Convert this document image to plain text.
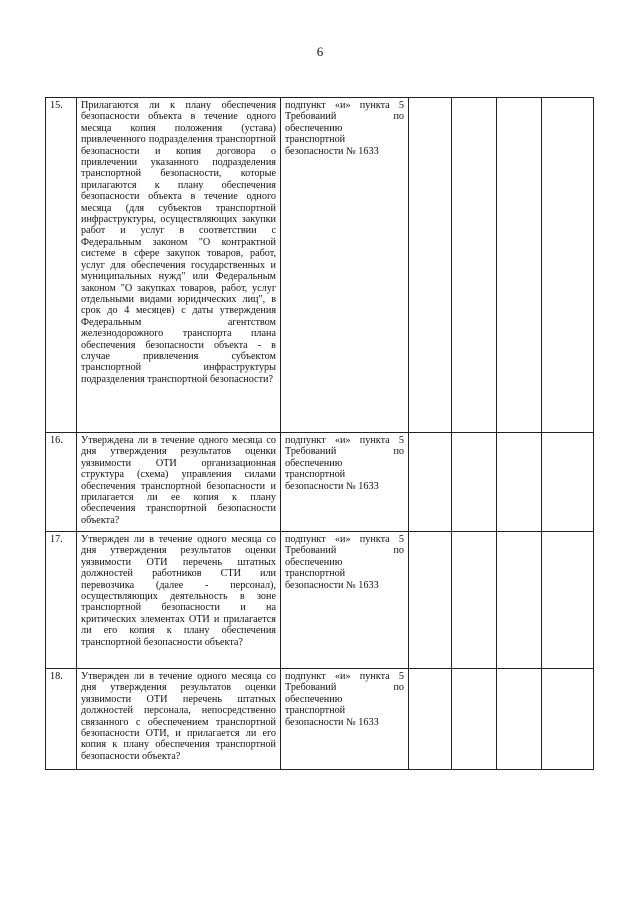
6
15.	Прилагаются ли к плану обеспечения безопасности объекта в течение одного месяца копия положения (устава) привлеченного подразделения транспортной безопасности и копия договора о привлечении указанного подразделения транспортной безопасности, которые прилагаются к плану обеспечения безопасности объекта в течение одного месяца (для субъектов транспортной инфраструктуры, осуществляющих закупки работ и услуг в соответствии с Федеральным законом "О контрактной системе в сфере закупок товаров, работ, услуг для обеспечения государственных и муниципальных нужд" или Федеральным законом "О закупках товаров, работ, услуг отдельными видами юридических лиц", в срок до 4 месяцев) с даты утверждения Федеральным агентством железнодорожного транспорта плана обеспечения безопасности объекта - в случае привлечения субъектом транспортной инфраструктуры подразделения транспортной безопасности?	подпункт «и» пункта 5 Требований по обеспечению транспортной безопасности № 1633				
16.	Утверждена ли в течение одного месяца со дня утверждения результатов оценки уязвимости ОТИ организационная структура (схема) управления силами обеспечения транспортной безопасности и прилагается ли ее копия к плану обеспечения транспортной безопасности объекта?	подпункт «и» пункта 5 Требований по обеспечению транспортной безопасности № 1633				
17.	Утвержден ли в течение одного месяца со дня утверждения результатов оценки уязвимости ОТИ перечень штатных должностей работников СТИ или перевозчика (далее - персонал), осуществляющих деятельность в зоне транспортной безопасности и на критических элементах ОТИ и прилагается ли его копия к плану обеспечения транспортной безопасности объекта?	подпункт «и» пункта 5 Требований по обеспечению транспортной безопасности № 1633				
18.	Утвержден ли в течение одного месяца со дня утверждения результатов оценки уязвимости ОТИ перечень штатных должностей персонала, непосредственно связанного с обеспечением транспортной безопасности ОТИ, и прилагается ли его копия к плану обеспечения транспортной безопасности объекта?	подпункт «и» пункта 5 Требований по обеспечению транспортной безопасности № 1633				
